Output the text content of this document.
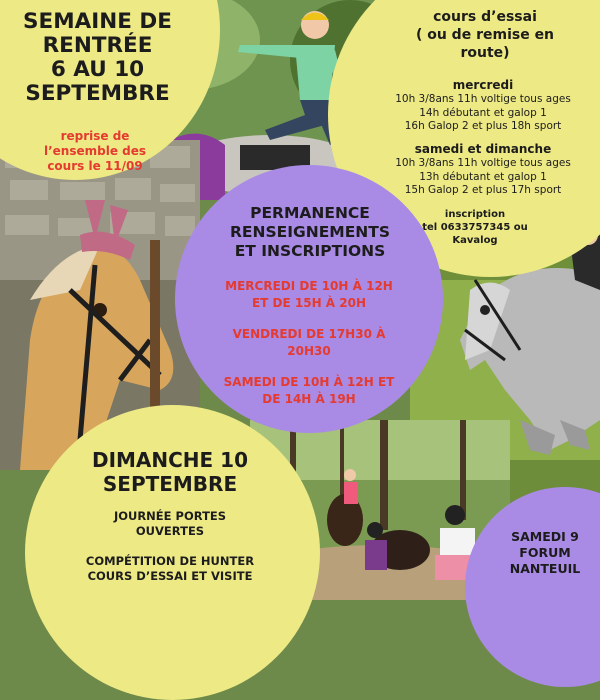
SEMAINE DE
RENTRÉE
6 AU 10
SEPTEMBRE
reprise de
l’ensemble des
cours le 11/09
cours d’essai
( ou de remise en
route)
mercredi
10h 3/8ans 11h voltige tous ages
14h débutant et galop 1
16h Galop 2 et plus 18h sport
samedi et dimanche
10h 3/8ans 11h voltige tous ages
13h débutant et galop 1
15h Galop 2 et plus 17h sport
inscription
tel 0633757345 ou
Kavalog
PERMANENCE
RENSEIGNEMENTS
ET INSCRIPTIONS
MERCREDI DE 10H À 12H
ET DE 15H À 20H
VENDREDI DE 17H30 À
20H30
SAMEDI DE 10H À 12H ET
DE 14H À 19H
DIMANCHE 10
SEPTEMBRE
JOURNÉE PORTES
OUVERTES
COMPÉTITION DE HUNTER
COURS D’ESSAI ET VISITE
SAMEDI 9
FORUM
NANTEUIL
